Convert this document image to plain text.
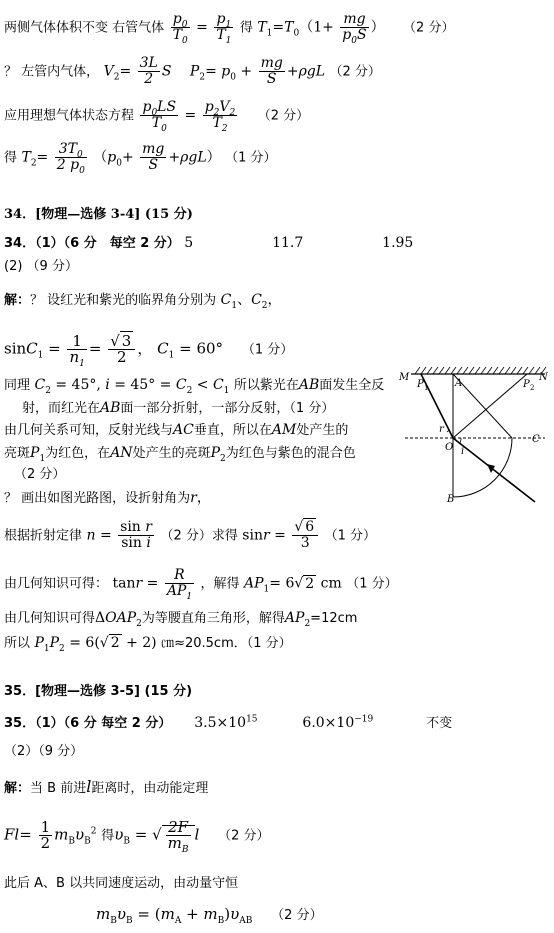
两侧气体体积不变 右管气体 $\frac{p_0}{T_0} = \frac{p_1}{T_1}$ 得 $T_1=T_0(1+ \frac{mg}{p_0S}$ ） （2 分）
？ 左管内气体， $V_2= \frac{3L}{2}$ S $P_2= p_0 + \frac{mg}{S} +\rho gL$ （2 分）
应用理想气体状态方程 $\frac{p_0LS}{T_0} = \frac{p_2V_2}{T_2} (2$ 分）
得 $T_2= \frac{3T_0}{2 p_0} (p_0+ \frac{mg}{S} +\rho gL)$ （1 分）
34．[物理—选修 3-4] (15 分)
34．（1）（6 分　每空 2 分） 5	11.7	1.95
(2) （9 分）
解：？ 设红光和紫光的临界角分别为 $C_1$、$C_2$，
$\sin C_1 = \frac{1}{n_1} = \frac{√ 3}{2}$ ， $C_1 = 60^\circ$ （1 分）
同理 $C_2 = 45^\circ$, $i = 45^\circ = C_2 < C_1$ 所以紫光在AB面发生全反
射，而红光在AB面一部分折射，一部分反射，（1 分）
由几何关系可知，反射光线与AC垂直，所以在AM处产生的
亮斑$P_1$为红色，在AN处产生的亮斑$P_2$为红色与紫色的混合色
（2 分）
？ 画出如图光路图，设折射角为r，
根据折射定律 $n = \frac{\text{sin r}}{\text{sin i}} (2$ 分）求得 $\sin r = \frac{√ 6}{3} (1$ 分）
由几何知识可得： $\tan r = \frac{R}{AP_1}$ ，解得 $AP_1= 6√$ 2 cm （1 分）
由几何知识可得$\Delta OAP_2$为等腰直角三角形，解得$AP_2=12cm$
所以 $P_1P_2 = 6(√$ 2 + 2) ㎝≈20.5cm．（1 分）
M	N
P 1	A	P 2
r
O i
C
B
35．[物理—选修 3-5] (15 分)
35．（1）（6 分 每空 2 分） $3.5\times 10^{15}$	$6.0\times 10^{-19}$	不变
（2）（9 分）
解：当 B 前进l距离时，由动能定理
$Fl= \frac{1}{2} m_B\upsilon_B^2$ 得$\upsilon_B$ = √ $\frac{2F}{m_B}$ l （2 分）
此后 A、B 以共同速度运动，由动量守恒
$m_B\upsilon_B = (m_A + m_B)\upsilon_{AB}$ （2 分）
